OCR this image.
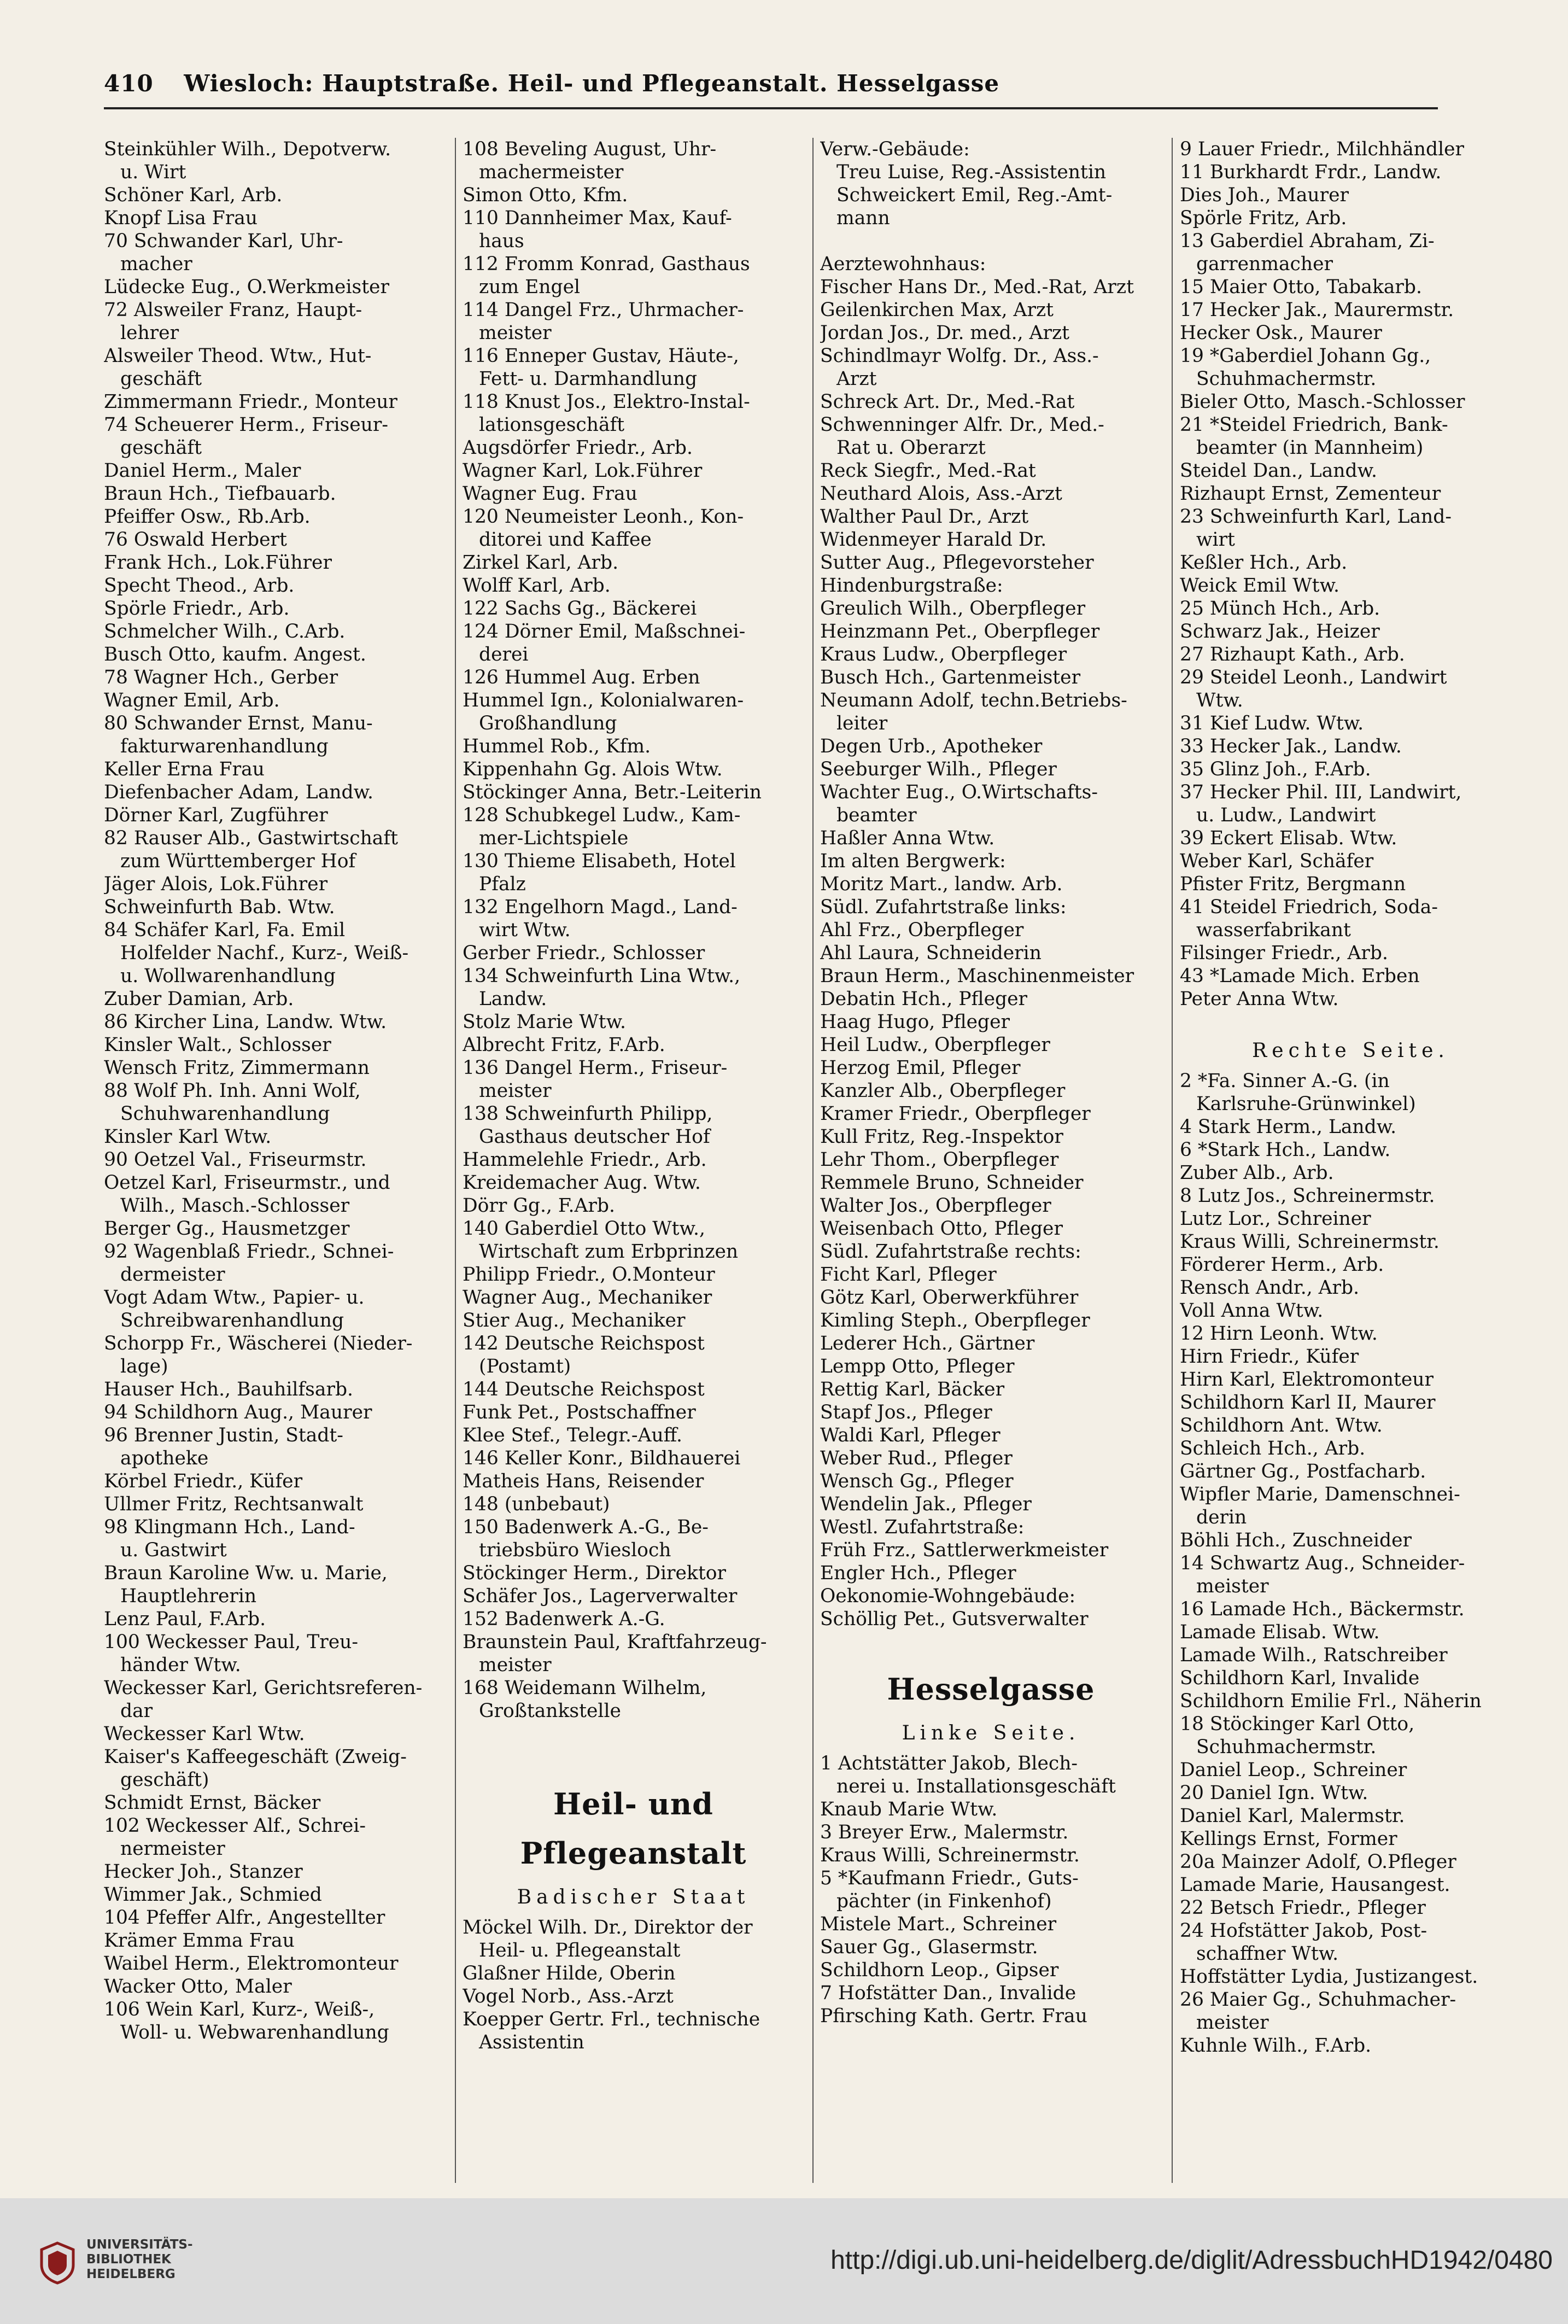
410 Wiesloch: Hauptstraße. Heil- und Pflegeanstalt. Hesselgasse
Steinkühler Wilh., Depotverw.
u. Wirt
Schöner Karl, Arb.
Knopf Lisa Frau
70 Schwander Karl, Uhr-
macher
Lüdecke Eug., O.Werkmeister
72 Alsweiler Franz, Haupt-
lehrer
Alsweiler Theod. Wtw., Hut-
geschäft
Zimmermann Friedr., Monteur
74 Scheuerer Herm., Friseur-
geschäft
Daniel Herm., Maler
Braun Hch., Tiefbauarb.
Pfeiffer Osw., Rb.Arb.
76 Oswald Herbert
Frank Hch., Lok.Führer
Specht Theod., Arb.
Spörle Friedr., Arb.
Schmelcher Wilh., C.Arb.
Busch Otto, kaufm. Angest.
78 Wagner Hch., Gerber
Wagner Emil, Arb.
80 Schwander Ernst, Manu-
fakturwarenhandlung
Keller Erna Frau
Diefenbacher Adam, Landw.
Dörner Karl, Zugführer
82 Rauser Alb., Gastwirtschaft
zum Württemberger Hof
Jäger Alois, Lok.Führer
Schweinfurth Bab. Wtw.
84 Schäfer Karl, Fa. Emil
Holfelder Nachf., Kurz-, Weiß-
u. Wollwarenhandlung
Zuber Damian, Arb.
86 Kircher Lina, Landw. Wtw.
Kinsler Walt., Schlosser
Wensch Fritz, Zimmermann
88 Wolf Ph. Inh. Anni Wolf,
Schuhwarenhandlung
Kinsler Karl Wtw.
90 Oetzel Val., Friseurmstr.
Oetzel Karl, Friseurmstr., und
Wilh., Masch.-Schlosser
Berger Gg., Hausmetzger
92 Wagenblaß Friedr., Schnei-
dermeister
Vogt Adam Wtw., Papier- u.
Schreibwarenhandlung
Schorpp Fr., Wäscherei (Nieder-
lage)
Hauser Hch., Bauhilfsarb.
94 Schildhorn Aug., Maurer
96 Brenner Justin, Stadt-
apotheke
Körbel Friedr., Küfer
Ullmer Fritz, Rechtsanwalt
98 Klingmann Hch., Land-
u. Gastwirt
Braun Karoline Ww. u. Marie,
Hauptlehrerin
Lenz Paul, F.Arb.
100 Weckesser Paul, Treu-
händer Wtw.
Weckesser Karl, Gerichtsreferen-
dar
Weckesser Karl Wtw.
Kaiser's Kaffeegeschäft (Zweig-
geschäft)
Schmidt Ernst, Bäcker
102 Weckesser Alf., Schrei-
nermeister
Hecker Joh., Stanzer
Wimmer Jak., Schmied
104 Pfeffer Alfr., Angestellter
Krämer Emma Frau
Waibel Herm., Elektromonteur
Wacker Otto, Maler
106 Wein Karl, Kurz-, Weiß-,
Woll- u. Webwarenhandlung
108 Beveling August, Uhr-
machermeister
Simon Otto, Kfm.
110 Dannheimer Max, Kauf-
haus
112 Fromm Konrad, Gasthaus
zum Engel
114 Dangel Frz., Uhrmacher-
meister
116 Enneper Gustav, Häute-,
Fett- u. Darmhandlung
118 Knust Jos., Elektro-Instal-
lationsgeschäft
Augsdörfer Friedr., Arb.
Wagner Karl, Lok.Führer
Wagner Eug. Frau
120 Neumeister Leonh., Kon-
ditorei und Kaffee
Zirkel Karl, Arb.
Wolff Karl, Arb.
122 Sachs Gg., Bäckerei
124 Dörner Emil, Maßschnei-
derei
126 Hummel Aug. Erben
Hummel Ign., Kolonialwaren-
Großhandlung
Hummel Rob., Kfm.
Kippenhahn Gg. Alois Wtw.
Stöckinger Anna, Betr.-Leiterin
128 Schubkegel Ludw., Kam-
mer-Lichtspiele
130 Thieme Elisabeth, Hotel
Pfalz
132 Engelhorn Magd., Land-
wirt Wtw.
Gerber Friedr., Schlosser
134 Schweinfurth Lina Wtw.,
Landw.
Stolz Marie Wtw.
Albrecht Fritz, F.Arb.
136 Dangel Herm., Friseur-
meister
138 Schweinfurth Philipp,
Gasthaus deutscher Hof
Hammelehle Friedr., Arb.
Kreidemacher Aug. Wtw.
Dörr Gg., F.Arb.
140 Gaberdiel Otto Wtw.,
Wirtschaft zum Erbprinzen
Philipp Friedr., O.Monteur
Wagner Aug., Mechaniker
Stier Aug., Mechaniker
142 Deutsche Reichspost
(Postamt)
144 Deutsche Reichspost
Funk Pet., Postschaffner
Klee Stef., Telegr.-Auff.
146 Keller Konr., Bildhauerei
Matheis Hans, Reisender
148 (unbebaut)
150 Badenwerk A.-G., Be-
triebsbüro Wiesloch
Stöckinger Herm., Direktor
Schäfer Jos., Lagerverwalter
152 Badenwerk A.-G.
Braunstein Paul, Kraftfahrzeug-
meister
168 Weidemann Wilhelm,
Großtankstelle

Heil- und Pflegeanstalt
Badischer Staat
Möckel Wilh. Dr., Direktor der
Heil- u. Pflegeanstalt
Glaßner Hilde, Oberin
Vogel Norb., Ass.-Arzt
Koepper Gertr. Frl., technische
Assistentin
Verw.-Gebäude:
Treu Luise, Reg.-Assistentin
Schweickert Emil, Reg.-Amt-
mann

Aerztewohnhaus:
Fischer Hans Dr., Med.-Rat, Arzt
Geilenkirchen Max, Arzt
Jordan Jos., Dr. med., Arzt
Schindlmayr Wolfg. Dr., Ass.-
Arzt
Schreck Art. Dr., Med.-Rat
Schwenninger Alfr. Dr., Med.-
Rat u. Oberarzt
Reck Siegfr., Med.-Rat
Neuthard Alois, Ass.-Arzt
Walther Paul Dr., Arzt
Widenmeyer Harald Dr.
Sutter Aug., Pflegevorsteher
Hindenburgstraße:
Greulich Wilh., Oberpfleger
Heinzmann Pet., Oberpfleger
Kraus Ludw., Oberpfleger
Busch Hch., Gartenmeister
Neumann Adolf, techn.Betriebs-
leiter
Degen Urb., Apotheker
Seeburger Wilh., Pfleger
Wachter Eug., O.Wirtschafts-
beamter
Haßler Anna Wtw.
Im alten Bergwerk:
Moritz Mart., landw. Arb.
Südl. Zufahrtstraße links:
Ahl Frz., Oberpfleger
Ahl Laura, Schneiderin
Braun Herm., Maschinenmeister
Debatin Hch., Pfleger
Haag Hugo, Pfleger
Heil Ludw., Oberpfleger
Herzog Emil, Pfleger
Kanzler Alb., Oberpfleger
Kramer Friedr., Oberpfleger
Kull Fritz, Reg.-Inspektor
Lehr Thom., Oberpfleger
Remmele Bruno, Schneider
Walter Jos., Oberpfleger
Weisenbach Otto, Pfleger
Südl. Zufahrtstraße rechts:
Ficht Karl, Pfleger
Götz Karl, Oberwerkführer
Kimling Steph., Oberpfleger
Lederer Hch., Gärtner
Lempp Otto, Pfleger
Rettig Karl, Bäcker
Stapf Jos., Pfleger
Waldi Karl, Pfleger
Weber Rud., Pfleger
Wensch Gg., Pfleger
Wendelin Jak., Pfleger
Westl. Zufahrtstraße:
Früh Frz., Sattlerwerkmeister
Engler Hch., Pfleger
Oekonomie-Wohngebäude:
Schöllig Pet., Gutsverwalter

Hesselgasse
Linke Seite.
1 Achtstätter Jakob, Blech-
nerei u. Installationsgeschäft
Knaub Marie Wtw.
3 Breyer Erw., Malermstr.
Kraus Willi, Schreinermstr.
5 *Kaufmann Friedr., Guts-
pächter (in Finkenhof)
Mistele Mart., Schreiner
Sauer Gg., Glasermstr.
Schildhorn Leop., Gipser
7 Hofstätter Dan., Invalide
Pfirsching Kath. Gertr. Frau
9 Lauer Friedr., Milchhändler
11 Burkhardt Frdr., Landw.
Dies Joh., Maurer
Spörle Fritz, Arb.
13 Gaberdiel Abraham, Zi-
garrenmacher
15 Maier Otto, Tabakarb.
17 Hecker Jak., Maurermstr.
Hecker Osk., Maurer
19 *Gaberdiel Johann Gg.,
Schuhmachermstr.
Bieler Otto, Masch.-Schlosser
21 *Steidel Friedrich, Bank-
beamter (in Mannheim)
Steidel Dan., Landw.
Rizhaupt Ernst, Zementeur
23 Schweinfurth Karl, Land-
wirt
Keßler Hch., Arb.
Weick Emil Wtw.
25 Münch Hch., Arb.
Schwarz Jak., Heizer
27 Rizhaupt Kath., Arb.
29 Steidel Leonh., Landwirt
Wtw.
31 Kief Ludw. Wtw.
33 Hecker Jak., Landw.
35 Glinz Joh., F.Arb.
37 Hecker Phil. III, Landwirt,
u. Ludw., Landwirt
39 Eckert Elisab. Wtw.
Weber Karl, Schäfer
Pfister Fritz, Bergmann
41 Steidel Friedrich, Soda-
wasserfabrikant
Filsinger Friedr., Arb.
43 *Lamade Mich. Erben
Peter Anna Wtw.

Rechte Seite.
2 *Fa. Sinner A.-G. (in
Karlsruhe-Grünwinkel)
4 Stark Herm., Landw.
6 *Stark Hch., Landw.
Zuber Alb., Arb.
8 Lutz Jos., Schreinermstr.
Lutz Lor., Schreiner
Kraus Willi, Schreinermstr.
Förderer Herm., Arb.
Rensch Andr., Arb.
Voll Anna Wtw.
12 Hirn Leonh. Wtw.
Hirn Friedr., Küfer
Hirn Karl, Elektromonteur
Schildhorn Karl II, Maurer
Schildhorn Ant. Wtw.
Schleich Hch., Arb.
Gärtner Gg., Postfacharb.
Wipfler Marie, Damenschnei-
derin
Böhli Hch., Zuschneider
14 Schwartz Aug., Schneider-
meister
16 Lamade Hch., Bäckermstr.
Lamade Elisab. Wtw.
Lamade Wilh., Ratschreiber
Schildhorn Karl, Invalide
Schildhorn Emilie Frl., Näherin
18 Stöckinger Karl Otto,
Schuhmachermstr.
Daniel Leop., Schreiner
20 Daniel Ign. Wtw.
Daniel Karl, Malermstr.
Kellings Ernst, Former
20a Mainzer Adolf, O.Pfleger
Lamade Marie, Hausangest.
22 Betsch Friedr., Pfleger
24 Hofstätter Jakob, Post-
schaffner Wtw.
Hoffstätter Lydia, Justizangest.
26 Maier Gg., Schuhmacher-
meister
Kuhnle Wilh., F.Arb.
UNIVERSITÄTS-
BIBLIOTHEK
HEIDELBERG	http://digi.ub.uni-heidelberg.de/diglit/AdressbuchHD1942/0480
